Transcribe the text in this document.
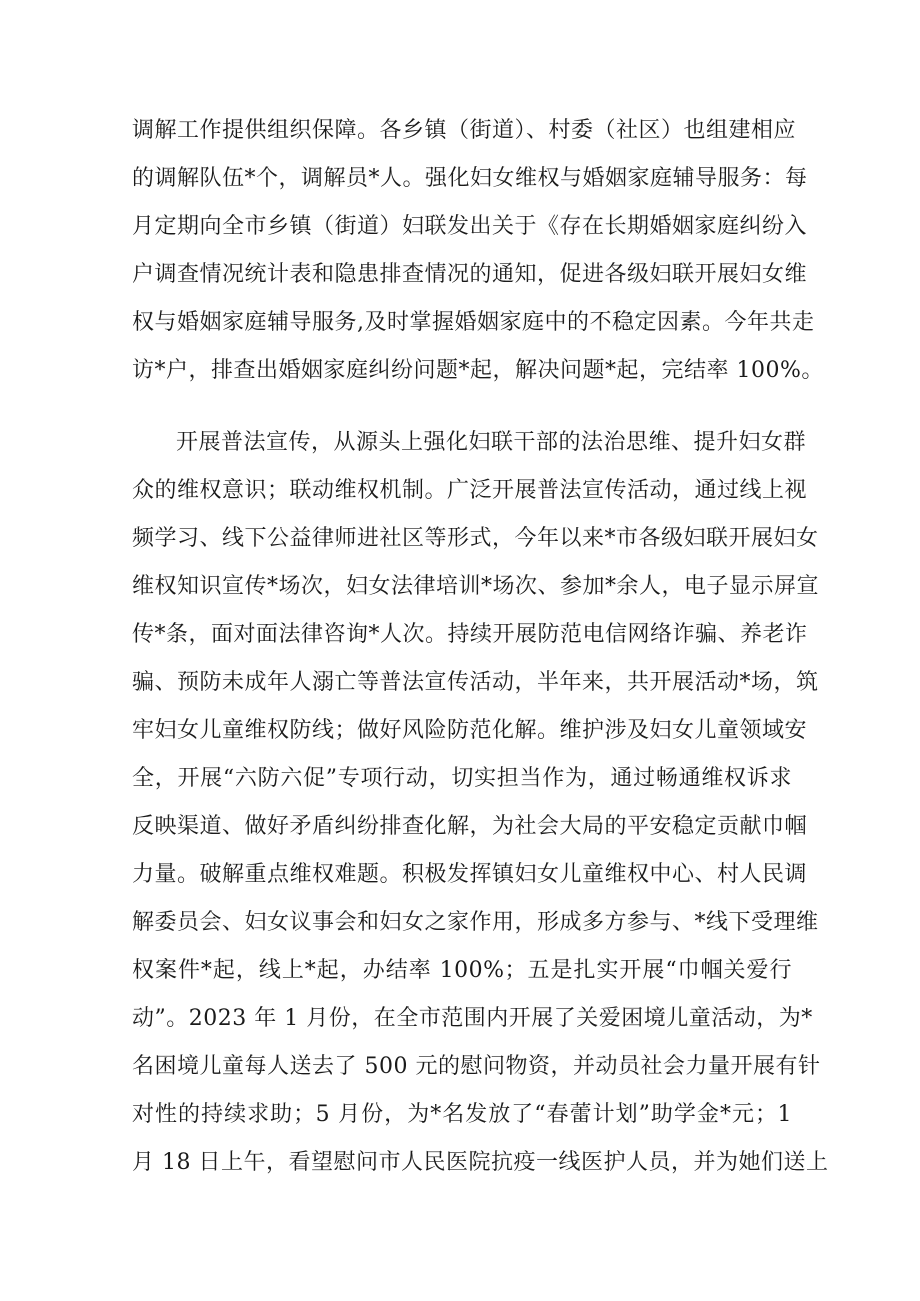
调解工作提供组织保障。各乡镇（街道）、村委（社区）也组建相应
的调解队伍*个，调解员*人。强化妇女维权与婚姻家庭辅导服务：每
月定期向全市乡镇（街道）妇联发出关于《存在长期婚姻家庭纠纷入
户调查情况统计表和隐患排查情况的通知，促进各级妇联开展妇女维
权与婚姻家庭辅导服务,及时掌握婚姻家庭中的不稳定因素。今年共走
访*户，排查出婚姻家庭纠纷问题*起，解决问题*起，完结率 100%。
开展普法宣传，从源头上强化妇联干部的法治思维、提升妇女群
众的维权意识；联动维权机制。广泛开展普法宣传活动，通过线上视
频学习、线下公益律师进社区等形式，今年以来*市各级妇联开展妇女
维权知识宣传*场次，妇女法律培训*场次、参加*余人，电子显示屏宣
传*条，面对面法律咨询*人次。持续开展防范电信网络诈骗、养老诈
骗、预防未成年人溺亡等普法宣传活动，半年来，共开展活动*场，筑
牢妇女儿童维权防线；做好风险防范化解。维护涉及妇女儿童领域安
全，开展“六防六促”专项行动，切实担当作为，通过畅通维权诉求
反映渠道、做好矛盾纠纷排查化解，为社会大局的平安稳定贡献巾帼
力量。破解重点维权难题。积极发挥镇妇女儿童维权中心、村人民调
解委员会、妇女议事会和妇女之家作用，形成多方参与、*线下受理维
权案件*起，线上*起，办结率 100%；五是扎实开展“巾帼关爱行
动”。2023 年 1 月份，在全市范围内开展了关爱困境儿童活动，为*
名困境儿童每人送去了 500 元的慰问物资，并动员社会力量开展有针
对性的持续求助；5 月份，为*名发放了“春蕾计划”助学金*元；1
月 18 日上午，看望慰问市人民医院抗疫一线医护人员，并为她们送上
